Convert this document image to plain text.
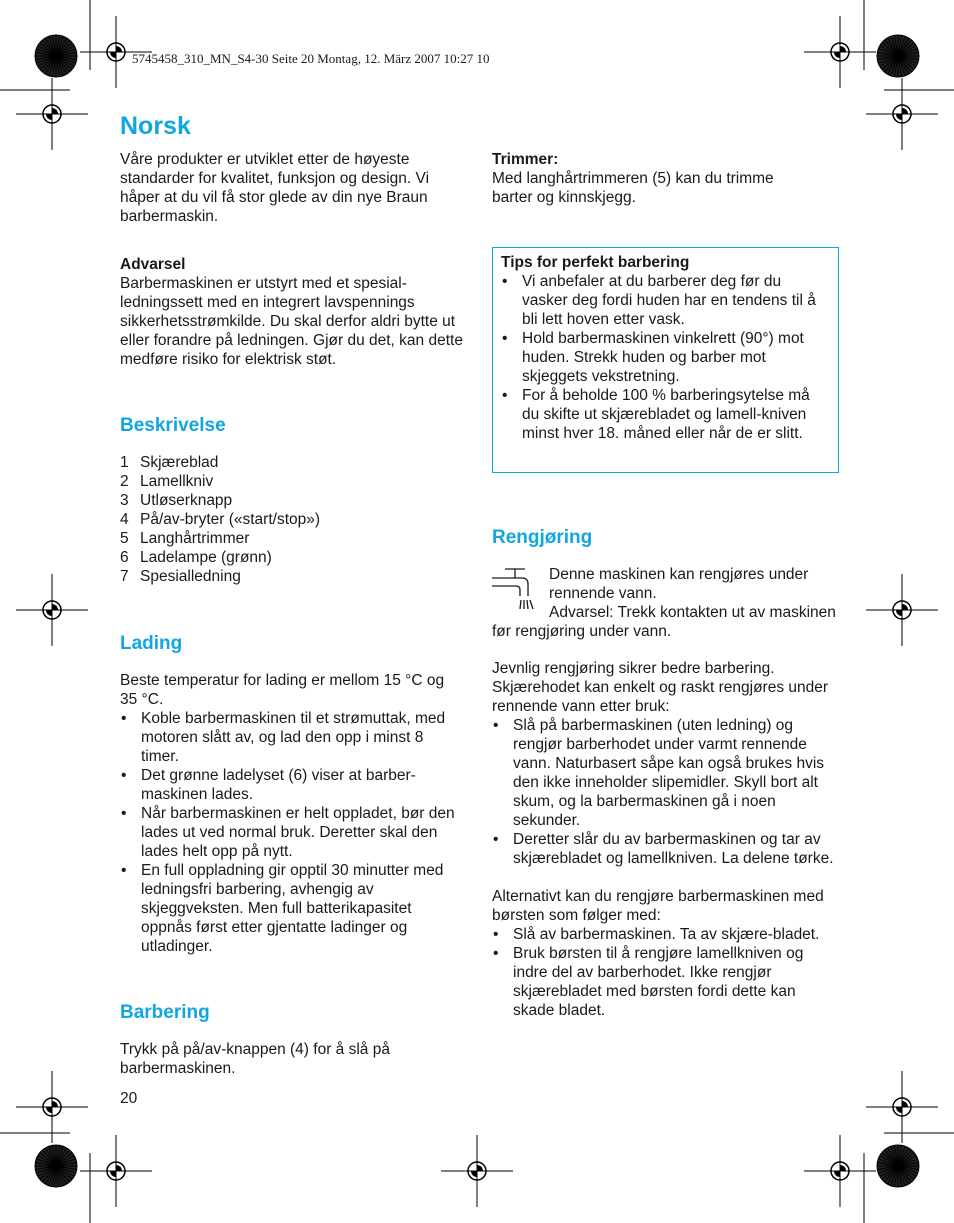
5745458_310_MN_S4-30 Seite 20 Montag, 12. März 2007 10:27 10
Norsk
Våre produkter er utviklet etter de høyeste standarder for kvalitet, funksjon og design. Vi håper at du vil få stor glede av din nye Braun barbermaskin.
Advarsel
Barbermaskinen er utstyrt med et spesial-ledningssett med en integrert lavspennings sikkerhetsstrømkilde. Du skal derfor aldri bytte ut eller forandre på ledningen. Gjør du det, kan dette medføre risiko for elektrisk støt.
Beskrivelse
1 Skjæreblad
2 Lamellkniv
3 Utløserknapp
4 På/av-bryter («start/stop»)
5 Langhårtrimmer
6 Ladelampe (grønn)
7 Spesialledning
Lading
Beste temperatur for lading er mellom 15 °C og 35 °C.
• Koble barbermaskinen til et strømuttak, med motoren slått av, og lad den opp i minst 8 timer.
• Det grønne ladelyset (6) viser at barber-maskinen lades.
• Når barbermaskinen er helt oppladet, bør den lades ut ved normal bruk. Deretter skal den lades helt opp på nytt.
• En full oppladning gir opptil 30 minutter med ledningsfri barbering, avhengig av skjeggveksten. Men full batterikapasitet oppnås først etter gjentatte ladinger og utladinger.
Barbering
Trykk på på/av-knappen (4) for å slå på barbermaskinen.
20
Trimmer:
Med langhårtrimmeren (5) kan du trimme barter og kinnskjegg.
Tips for perfekt barbering
• Vi anbefaler at du barberer deg før du vasker deg fordi huden har en tendens til å bli lett hoven etter vask.
• Hold barbermaskinen vinkelrett (90°) mot huden. Strekk huden og barber mot skjeggets vekstretning.
• For å beholde 100 % barberingsytelse må du skifte ut skjærebladet og lamell-kniven minst hver 18. måned eller når de er slitt.
Rengjøring
Denne maskinen kan rengjøres under rennende vann.
Advarsel: Trekk kontakten ut av maskinen før rengjøring under vann.
Jevnlig rengjøring sikrer bedre barbering. Skjærehodet kan enkelt og raskt rengjøres under rennende vann etter bruk:
• Slå på barbermaskinen (uten ledning) og rengjør barberhodet under varmt rennende vann. Naturbasert såpe kan også brukes hvis den ikke inneholder slipemidler. Skyll bort alt skum, og la barbermaskinen gå i noen sekunder.
• Deretter slår du av barbermaskinen og tar av skjærebladet og lamellkniven. La delene tørke.
Alternativt kan du rengjøre barbermaskinen med børsten som følger med:
• Slå av barbermaskinen. Ta av skjære-bladet.
• Bruk børsten til å rengjøre lamellkniven og indre del av barberhodet. Ikke rengjør skjærebladet med børsten fordi dette kan skade bladet.
